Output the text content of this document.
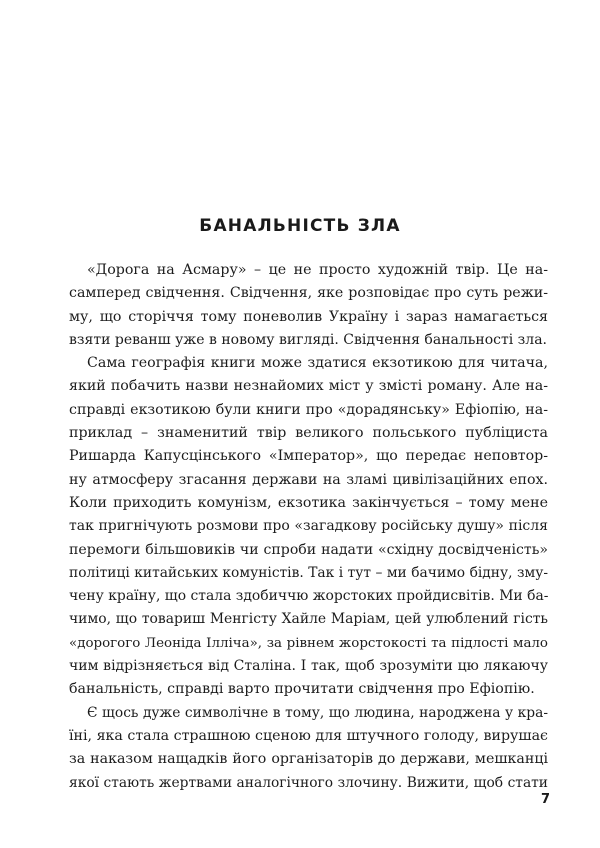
БАНАЛЬНІСТЬ ЗЛА
«Дорога на Асмару» – це не просто художній твір. Це на-
самперед свідчення. Свідчення, яке розповідає про суть режи-
му, що сторіччя тому поневолив Україну і зараз намагається
взяти реванш уже в новому вигляді. Свідчення банальності зла.
Сама географія книги може здатися екзотикою для читача,
який побачить назви незнайомих міст у змісті роману. Але на-
справді екзотикою були книги про «дорадянську» Ефіопію, на-
приклад – знаменитий твір великого польського публіциста
Ришарда Капусцінського «Імператор», що передає неповтор-
ну атмосферу згасання держави на зламі цивілізаційних епох.
Коли приходить комунізм, екзотика закінчується – тому мене
так пригнічують розмови про «загадкову російську душу» після
перемоги більшовиків чи спроби надати «східну досвідченість»
політиці китайських комуністів. Так і тут – ми бачимо бідну, зму-
чену країну, що стала здобиччю жорстоких пройдисвітів. Ми ба-
чимо, що товариш Менгісту Хайле Маріам, цей улюблений гість
«дорогого Леоніда Ілліча», за рівнем жорстокості та підлості мало
чим відрізняється від Сталіна. І так, щоб зрозуміти цю лякаючу
банальність, справді варто прочитати свідчення про Ефіопію.
Є щось дуже символічне в тому, що людина, народжена у кра-
їні, яка стала страшною сценою для штучного голоду, вирушає
за наказом нащадків його організаторів до держави, мешканці
якої стають жертвами аналогічного злочину. Вижити, щоб стати
7
